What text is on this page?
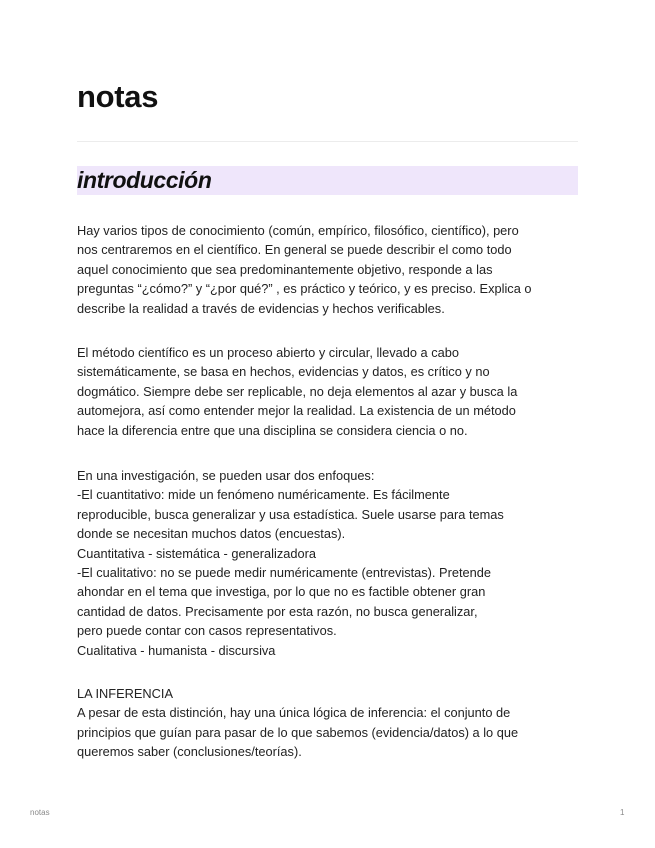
notas
introducción

Hay varios tipos de conocimiento (común, empírico, filosófico, científico), pero
nos centraremos en el científico. En general se puede describir el como todo
aquel conocimiento que sea predominantemente objetivo, responde a las
preguntas “¿cómo?” y “¿por qué?” , es práctico y teórico, y es preciso. Explica o
describe la realidad a través de evidencias y hechos verificables.

El método científico es un proceso abierto y circular, llevado a cabo
sistemáticamente, se basa en hechos, evidencias y datos, es crítico y no
dogmático. Siempre debe ser replicable, no deja elementos al azar y busca la
automejora, así como entender mejor la realidad. La existencia de un método
hace la diferencia entre que una disciplina se considera ciencia o no.

En una investigación, se pueden usar dos enfoques:
-El cuantitativo: mide un fenómeno numéricamente. Es fácilmente
reproducible, busca generalizar y usa estadística. Suele usarse para temas
donde se necesitan muchos datos (encuestas).
Cuantitativa - sistemática - generalizadora
-El cualitativo: no se puede medir numéricamente (entrevistas). Pretende
ahondar en el tema que investiga, por lo que no es factible obtener gran
cantidad de datos. Precisamente por esta razón, no busca generalizar,
pero puede contar con casos representativos.
Cualitativa - humanista - discursiva

LA INFERENCIA
A pesar de esta distinción, hay una única lógica de inferencia: el conjunto de
principios que guían para pasar de lo que sabemos (evidencia/datos) a lo que
queremos saber (conclusiones/teorías).

notas	1
